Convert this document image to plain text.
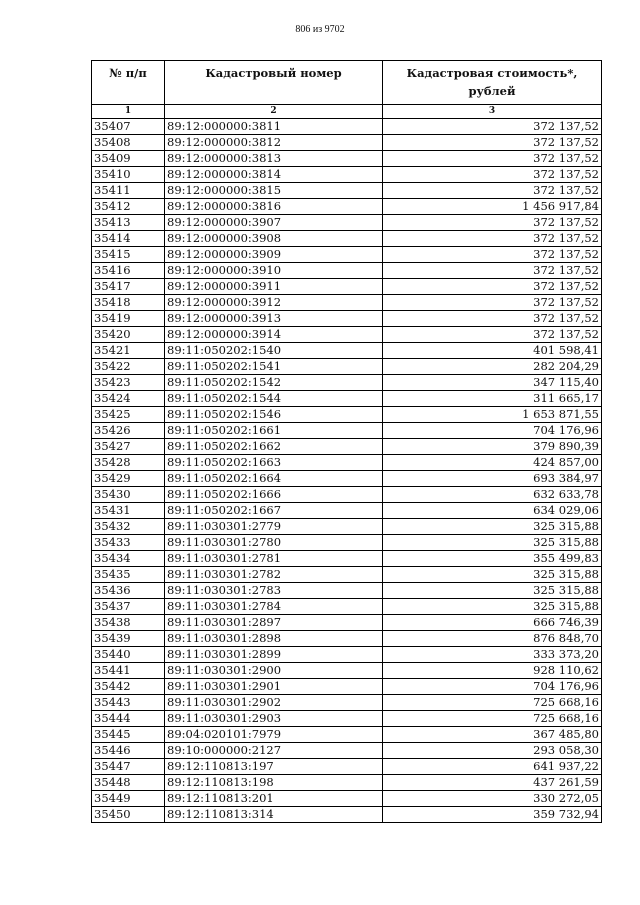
806 из 9702
№ п/п	Кадастровый номер	Кадастровая стоимость*, рублей
1	2	3
35407	89:12:000000:3811	372 137,52
35408	89:12:000000:3812	372 137,52
35409	89:12:000000:3813	372 137,52
35410	89:12:000000:3814	372 137,52
35411	89:12:000000:3815	372 137,52
35412	89:12:000000:3816	1 456 917,84
35413	89:12:000000:3907	372 137,52
35414	89:12:000000:3908	372 137,52
35415	89:12:000000:3909	372 137,52
35416	89:12:000000:3910	372 137,52
35417	89:12:000000:3911	372 137,52
35418	89:12:000000:3912	372 137,52
35419	89:12:000000:3913	372 137,52
35420	89:12:000000:3914	372 137,52
35421	89:11:050202:1540	401 598,41
35422	89:11:050202:1541	282 204,29
35423	89:11:050202:1542	347 115,40
35424	89:11:050202:1544	311 665,17
35425	89:11:050202:1546	1 653 871,55
35426	89:11:050202:1661	704 176,96
35427	89:11:050202:1662	379 890,39
35428	89:11:050202:1663	424 857,00
35429	89:11:050202:1664	693 384,97
35430	89:11:050202:1666	632 633,78
35431	89:11:050202:1667	634 029,06
35432	89:11:030301:2779	325 315,88
35433	89:11:030301:2780	325 315,88
35434	89:11:030301:2781	355 499,83
35435	89:11:030301:2782	325 315,88
35436	89:11:030301:2783	325 315,88
35437	89:11:030301:2784	325 315,88
35438	89:11:030301:2897	666 746,39
35439	89:11:030301:2898	876 848,70
35440	89:11:030301:2899	333 373,20
35441	89:11:030301:2900	928 110,62
35442	89:11:030301:2901	704 176,96
35443	89:11:030301:2902	725 668,16
35444	89:11:030301:2903	725 668,16
35445	89:04:020101:7979	367 485,80
35446	89:10:000000:2127	293 058,30
35447	89:12:110813:197	641 937,22
35448	89:12:110813:198	437 261,59
35449	89:12:110813:201	330 272,05
35450	89:12:110813:314	359 732,94
